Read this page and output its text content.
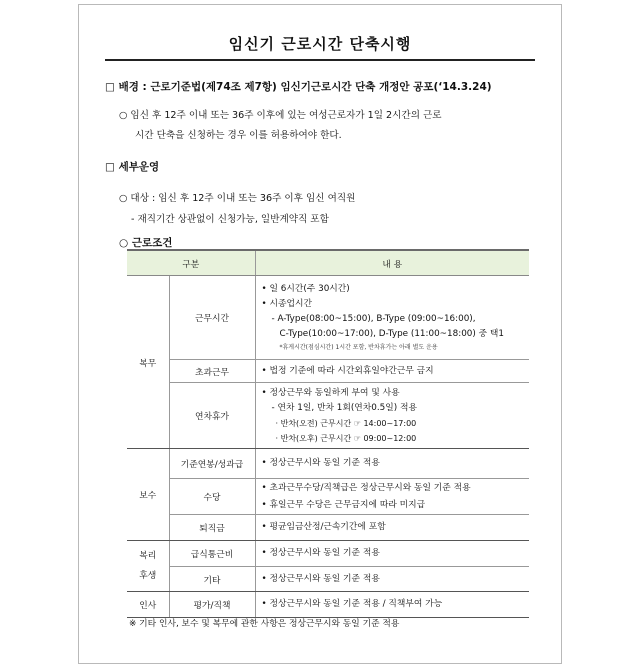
임신기 근로시간 단축시행
□ 배경 : 근로기준법(제74조 제7항) 임신기근로시간 단축 개정안 공포(‘14.3.24)
○ 임신 후 12주 이내 또는 36주 이후에 있는 여성근로자가 1일 2시간의 근로
시간 단축을 신청하는 경우 이를 허용하여야 한다.
□ 세부운영
○ 대상 : 임신 후 12주 이내 또는 36주 이후 임신 여직원
- 재직기간 상관없이 신청가능, 일반계약직 포함
○ 근로조건
구분		내 용
복무	근무시간	• 일 6시간(주 30시간)
• 시종업시간
- A-Type(08:00~15:00), B-Type (09:00~16:00),
C-Type(10:00~17:00), D-Type (11:00~18:00) 중 택1
*휴게시간(점심시간) 1시간 포함, 반차휴가는 아래 별도 운용

	초과근무	• 법정 기준에 따라 시간외휴일야간근무 금지

	연차휴가	• 정상근무와 동일하게 부여 및 사용
- 연차 1일, 반차 1회(연차0.5일) 적용
· 반차(오전) 근무시간 ☞ 14:00~17:00
· 반차(오후) 근무시간 ☞ 09:00~12:00

보수	기준연봉/성과급	• 정상근무시와 동일 기준 적용

	수당	• 초과근무수당/직책급은 정상근무시와 동일 기준 적용
• 휴일근무 수당은 근무금지에 따라 미지급

	퇴직금	• 평균임금산정/근속기간에 포함

복리
후생	급식통근비	• 정상근무시와 동일 기준 적용

	기타	• 정상근무시와 동일 기준 적용

인사	평가/직책	• 정상근무시와 동일 기준 적용 / 직책부여 가능
※ 기타 인사, 보수 및 복무에 관한 사항은 정상근무시와 동일 기준 적용
